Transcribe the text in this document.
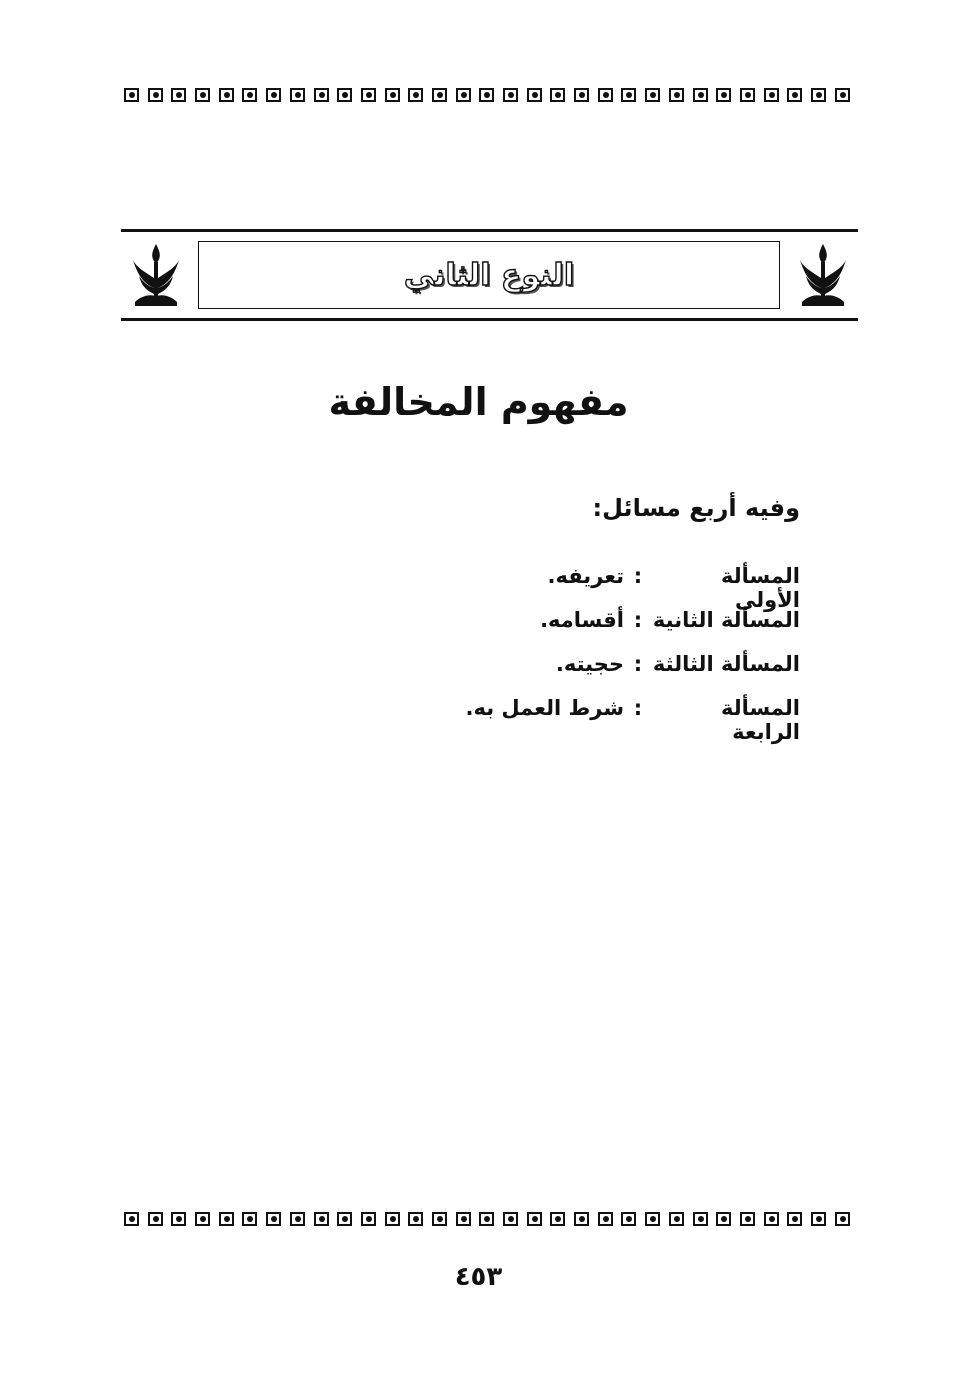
النوع الثاني
مفهوم المخالفة

وفيه أربع مسائل:

المسألة الأولى
:
تعريفه.
المسألة الثانية
:
أقسامه.
المسألة الثالثة
:
حجيته.
المسألة الرابعة
:
شرط العمل به.

٤٥٣
